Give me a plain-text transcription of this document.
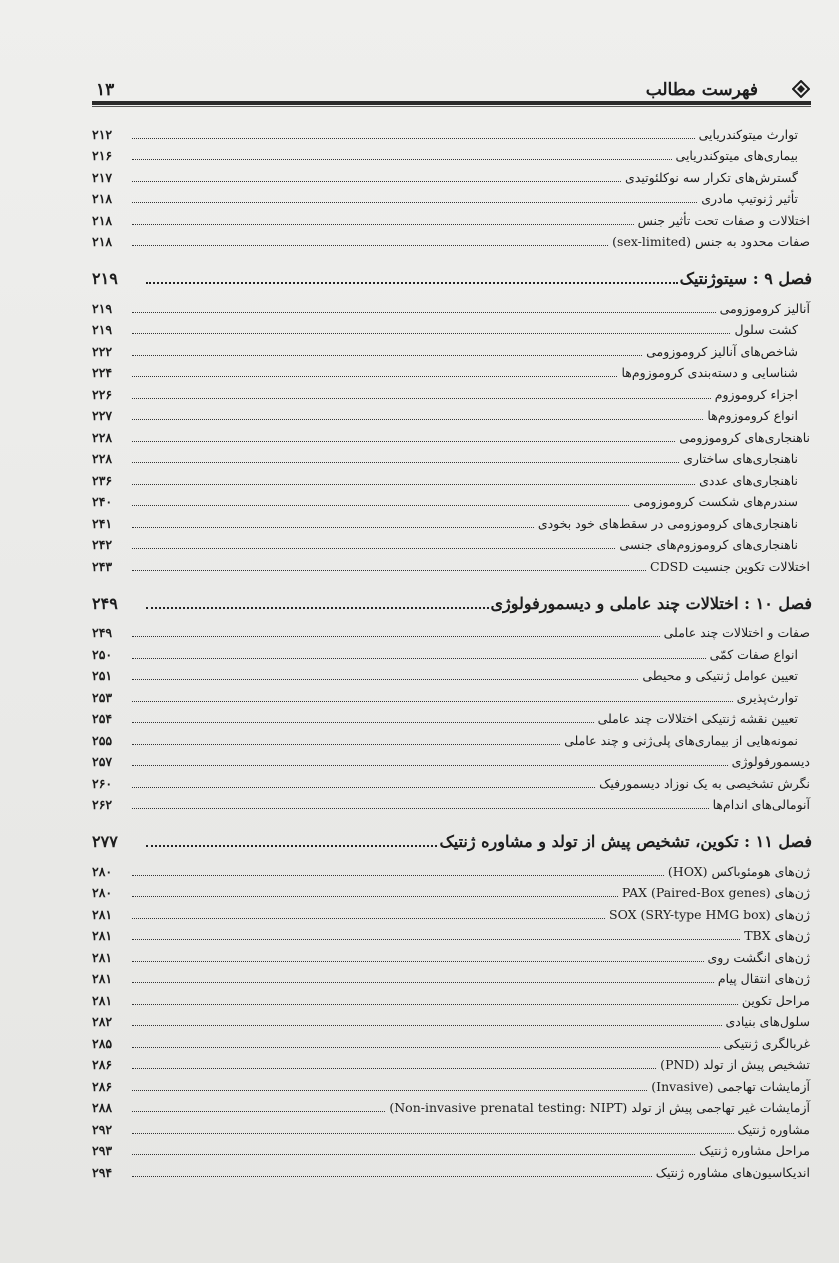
فهرست مطالب
۱۳
توارث میتوکندریایی
۲۱۲
بیماری‌های میتوکندریایی
۲۱۶
گسترش‌های تکرار سه نوکلئوتیدی
۲۱۷
تأثیر ژنوتیپ مادری
۲۱۸
اختلالات و صفات تحت تأثیر جنس
۲۱۸
صفات محدود به جنس (sex-limited)
۲۱۸
فصل ۹ : سیتوژنتیک
۲۱۹
آنالیز کروموزومی
۲۱۹
کشت سلول
۲۱۹
شاخص‌های آنالیز کروموزومی
۲۲۲
شناسایی و دسته‌بندی کروموزوم‌ها
۲۲۴
اجزاء کروموزوم
۲۲۶
انواع کروموزوم‌ها
۲۲۷
ناهنجاری‌های کروموزومی
۲۲۸
ناهنجاری‌های ساختاری
۲۲۸
ناهنجاری‌های عددی
۲۳۶
سندرم‌های شکست کروموزومی
۲۴۰
ناهنجاری‌های کروموزومی در سقط‌های خود بخودی
۲۴۱
ناهنجاری‌های کروموزوم‌های جنسی
۲۴۲
اختلالات تکوین جنسیت CDSD
۲۴۳
فصل ۱۰ : اختلالات چند عاملی و دیسمورفولوژی
۲۴۹
صفات و اختلالات چند عاملی
۲۴۹
انواع صفات کمّی
۲۵۰
تعیین عوامل ژنتیکی و محیطی
۲۵۱
توارث‌پذیری
۲۵۳
تعیین نقشه ژنتیکی اختلالات چند عاملی
۲۵۴
نمونه‌هایی از بیماری‌های پلی‌ژنی و چند عاملی
۲۵۵
دیسمورفولوژی
۲۵۷
نگرش تشخیصی به یک نوزاد دیسمورفیک
۲۶۰
آنومالی‌های اندام‌ها
۲۶۲
فصل ۱۱ : تکوین، تشخیص پیش از تولد و مشاوره ژنتیک
۲۷۷
ژن‌های هومئوباکس (HOX)
۲۸۰
ژن‌های PAX (Paired-Box genes)
۲۸۰
ژن‌های SOX (SRY-type HMG box)
۲۸۱
ژن‌های TBX
۲۸۱
ژن‌های انگشت روی
۲۸۱
ژن‌های انتقال پیام
۲۸۱
مراحل تکوین
۲۸۱
سلول‌های بنیادی
۲۸۲
غربالگری ژنتیکی
۲۸۵
تشخیص پیش از تولد (PND)
۲۸۶
آزمایشات تهاجمی (Invasive)
۲۸۶
آزمایشات غیر تهاجمی پیش از تولد (Non-invasive prenatal testing: NIPT)
۲۸۸
مشاوره ژنتیک
۲۹۲
مراحل مشاوره ژنتیک
۲۹۳
اندیکاسیون‌های مشاوره ژنتیک
۲۹۴
